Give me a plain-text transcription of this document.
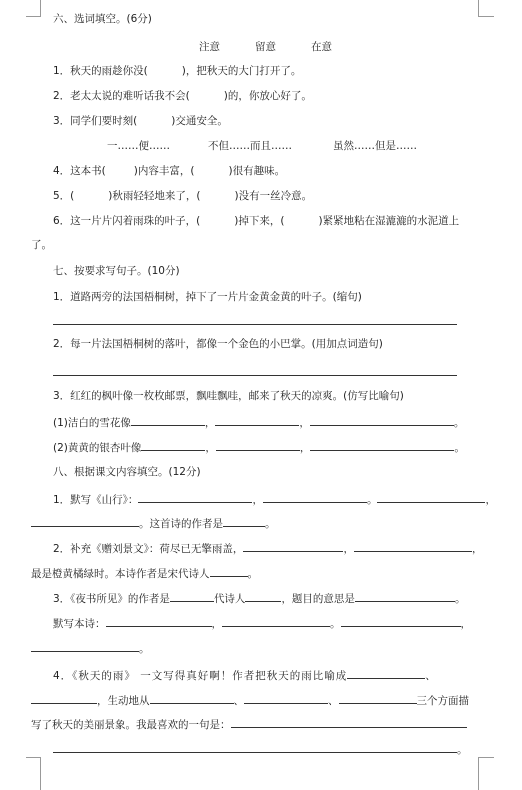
六、选词填空。(6分)
注意	留意	在意
1．秋天的雨趁你没(	)，把秋天的大门打开了。
2．老太太说的难听话我不会(	)的，你放心好了。
3．同学们要时刻(	)交通安全。
一……便……	不但……而且……	虽然……但是……
4．这本书(	)内容丰富，(	)很有趣味。
5．(	)秋雨轻轻地来了，(	)没有一丝冷意。
6．这一片片闪着雨珠的叶子，(	)掉下来，(	)紧紧地粘在湿漉漉的水泥道上
了。
七、按要求写句子。(10分)
1．道路两旁的法国梧桐树，掉下了一片片金黄金黄的叶子。(缩句)
2．每一片法国梧桐树的落叶，都像一个金色的小巴掌。(用加点词造句)
3．红红的枫叶像一枚枚邮票，飘哇飘哇，邮来了秋天的凉爽。(仿写比喻句)
(1)洁白的雪花像	，	，	。
(2)黄黄的银杏叶像	，	，	。
八、根据课文内容填空。(12分)
1．默写《山行》：	，	。	，
。这首诗的作者是	。
2．补充《赠刘景文》：荷尽已无擎雨盖，	，	，
最是橙黄橘绿时。本诗作者是宋代诗人	。
3．《夜书所见》的作者是	代诗人	，题目的意思是	。
默写本诗：	，	。	，
。
4．《秋天的雨》 一文写得真好啊！作者把秋天的雨比喻成	、
，生动地从	、	、	三个方面描
写了秋天的美丽景象。我最喜欢的一句是：
。
